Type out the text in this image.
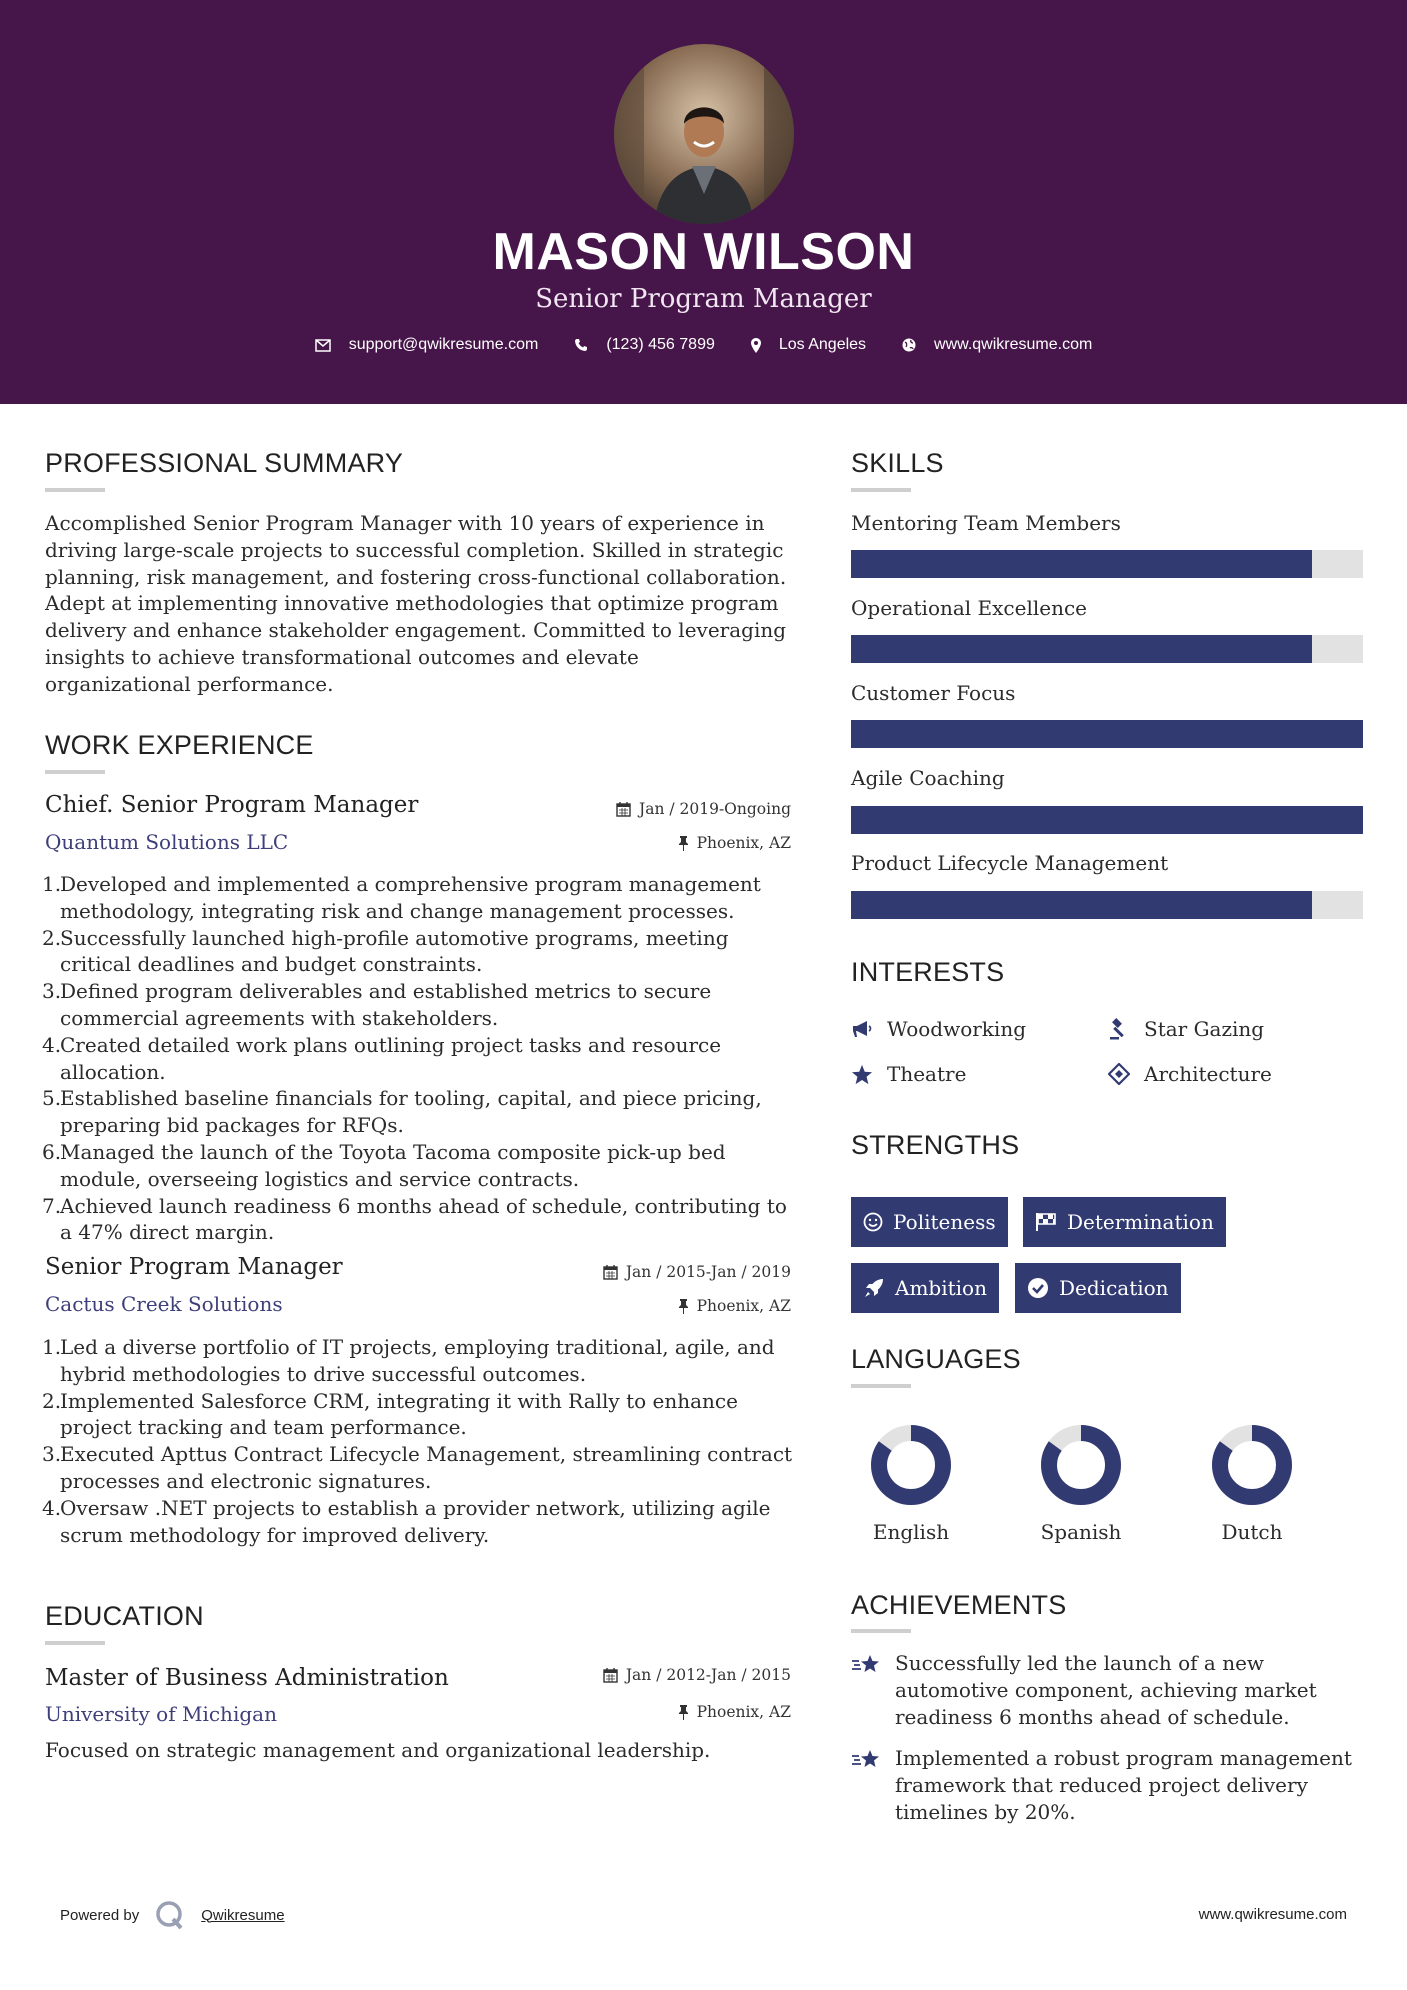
MASON WILSON
Senior Program Manager
support@qwikresume.com	(123) 456 7899	Los Angeles	www.qwikresume.com
PROFESSIONAL SUMMARY
Accomplished Senior Program Manager with 10 years of experience in driving large-scale projects to successful completion. Skilled in strategic planning, risk management, and fostering cross-functional collaboration. Adept at implementing innovative methodologies that optimize program delivery and enhance stakeholder engagement. Committed to leveraging insights to achieve transformational outcomes and elevate organizational performance.
WORK EXPERIENCE
Chief. Senior Program Manager	Jan / 2019-Ongoing
Quantum Solutions LLC	Phoenix, AZ
1.
Developed and implemented a comprehensive program management methodology, integrating risk and change management processes.
2.
Successfully launched high-profile automotive programs, meeting critical deadlines and budget constraints.
3.
Defined program deliverables and established metrics to secure commercial agreements with stakeholders.
4.
Created detailed work plans outlining project tasks and resource allocation.
5.
Established baseline financials for tooling, capital, and piece pricing, preparing bid packages for RFQs.
6.
Managed the launch of the Toyota Tacoma composite pick-up bed module, overseeing logistics and service contracts.
7.
Achieved launch readiness 6 months ahead of schedule, contributing to a 47% direct margin.
Senior Program Manager	Jan / 2015-Jan / 2019
Cactus Creek Solutions	Phoenix, AZ
1.
Led a diverse portfolio of IT projects, employing traditional, agile, and hybrid methodologies to drive successful outcomes.
2.
Implemented Salesforce CRM, integrating it with Rally to enhance project tracking and team performance.
3.
Executed Apttus Contract Lifecycle Management, streamlining contract processes and electronic signatures.
4.
Oversaw .NET projects to establish a provider network, utilizing agile scrum methodology for improved delivery.
EDUCATION
Master of Business Administration	Jan / 2012-Jan / 2015
University of Michigan	Phoenix, AZ
Focused on strategic management and organizational leadership.
SKILLS
Mentoring Team Members
Operational Excellence
Customer Focus
Agile Coaching
Product Lifecycle Management
INTERESTS
Woodworking	Star Gazing
Theatre	Architecture
STRENGTHS
Politeness	Determination
Ambition	Dedication
LANGUAGES
English	Spanish	Dutch
ACHIEVEMENTS
Successfully led the launch of a new automotive component, achieving market readiness 6 months ahead of schedule.
Implemented a robust program management framework that reduced project delivery timelines by 20%.
Powered by	Qwikresume	www.qwikresume.com
